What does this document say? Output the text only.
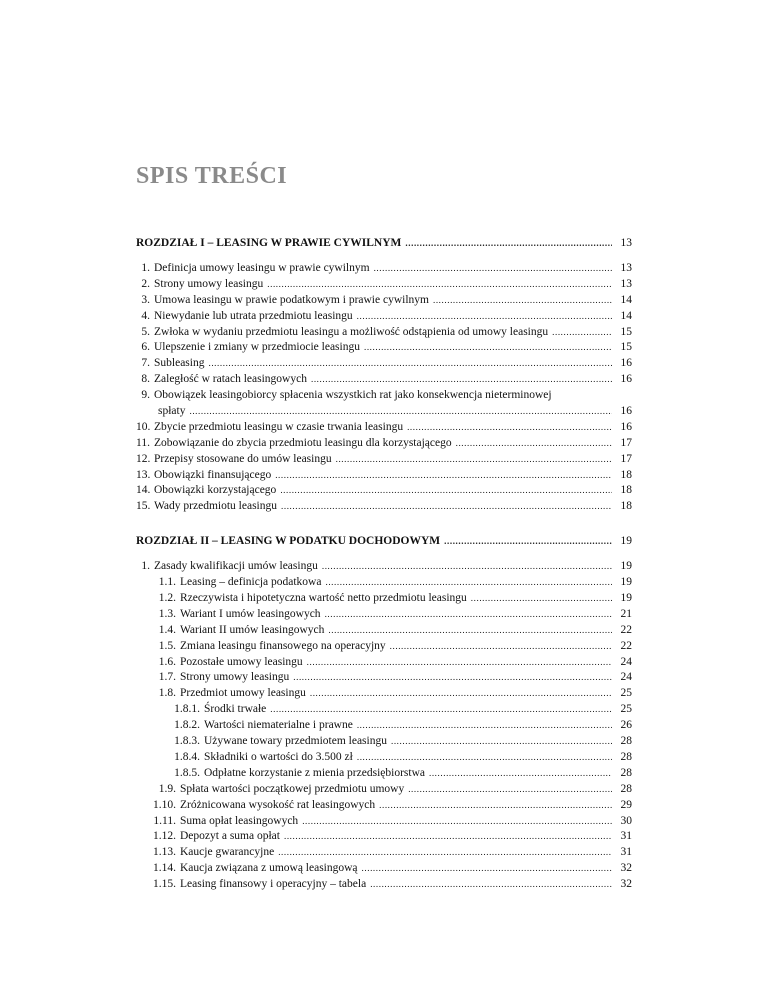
SPIS TREŚCI
ROZDZIAŁ I – LEASING W PRAWIE CYWILNYM .....	13
1. Definicja umowy leasingu w prawie cywilnym .....	13
2. Strony umowy leasingu .....	13
3. Umowa leasingu w prawie podatkowym i prawie cywilnym .....	14
4. Niewydanie lub utrata przedmiotu leasingu .....	14
5. Zwłoka w wydaniu przedmiotu leasingu a możliwość odstąpienia od umowy leasingu .....	15
6. Ulepszenie i zmiany w przedmiocie leasingu .....	15
7. Subleasing .....	16
8. Zaległość w ratach leasingowych .....	16
9. Obowiązek leasingobiorcy spłacenia wszystkich rat jako konsekwencja nieterminowej
spłaty .....	16
10. Zbycie przedmiotu leasingu w czasie trwania leasingu .....	16
11. Zobowiązanie do zbycia przedmiotu leasingu dla korzystającego .....	17
12. Przepisy stosowane do umów leasingu .....	17
13. Obowiązki finansującego .....	18
14. Obowiązki korzystającego .....	18
15. Wady przedmiotu leasingu .....	18
ROZDZIAŁ II – LEASING W PODATKU DOCHODOWYM .....	19
1. Zasady kwalifikacji umów leasingu .....	19
1.1. Leasing – definicja podatkowa .....	19
1.2. Rzeczywista i hipotetyczna wartość netto przedmiotu leasingu .....	19
1.3. Wariant I umów leasingowych .....	21
1.4. Wariant II umów leasingowych .....	22
1.5. Zmiana leasingu finansowego na operacyjny .....	22
1.6. Pozostałe umowy leasingu .....	24
1.7. Strony umowy leasingu .....	24
1.8. Przedmiot umowy leasingu .....	25
1.8.1. Środki trwałe .....	25
1.8.2. Wartości niematerialne i prawne .....	26
1.8.3. Używane towary przedmiotem leasingu .....	28
1.8.4. Składniki o wartości do 3.500 zł .....	28
1.8.5. Odpłatne korzystanie z mienia przedsiębiorstwa .....	28
1.9. Spłata wartości początkowej przedmiotu umowy .....	28
1.10. Zróżnicowana wysokość rat leasingowych .....	29
1.11. Suma opłat leasingowych .....	30
1.12. Depozyt a suma opłat .....	31
1.13. Kaucje gwarancyjne .....	31
1.14. Kaucja związana z umową leasingową .....	32
1.15. Leasing finansowy i operacyjny – tabela .....	32
